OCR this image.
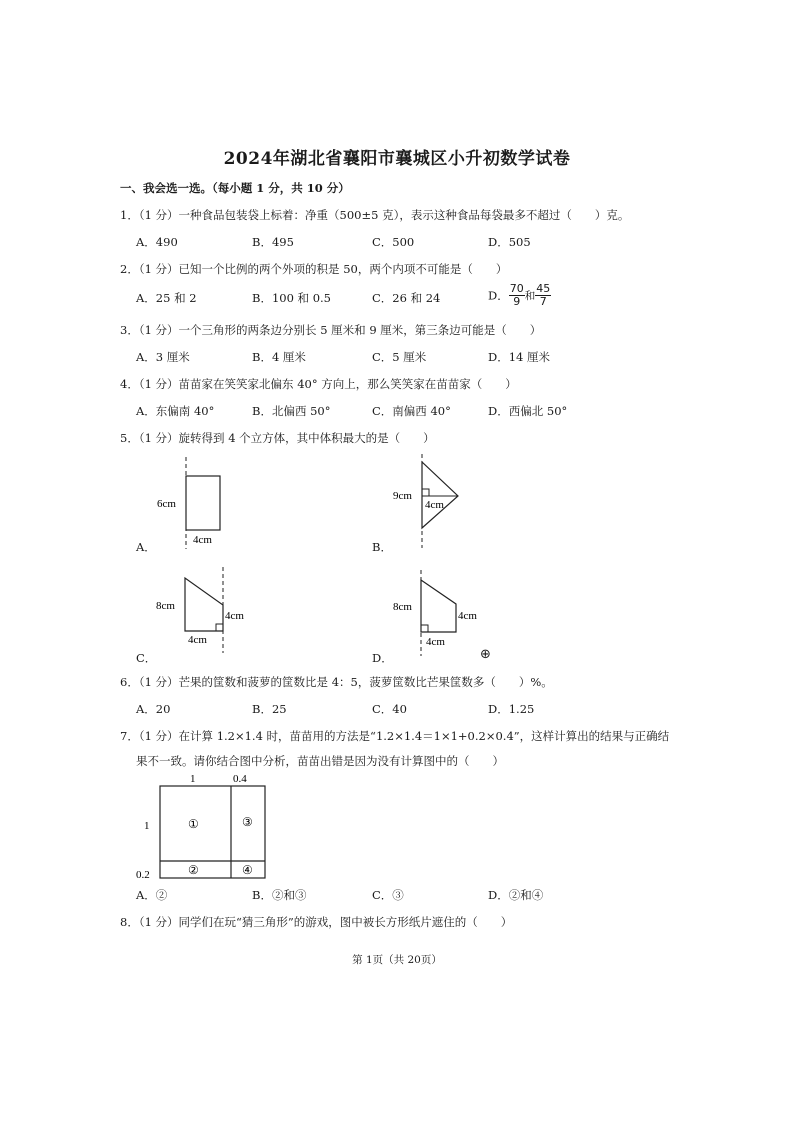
2024年湖北省襄阳市襄城区小升初数学试卷
一、我会选一选。（每小题 1 分，共 10 分）
1．（1 分）一种食品包装袋上标着：净重（500±5 克），表示这种食品每袋最多不超过（　　）克。
A．490	B．495	C．500	D．505
2．（1 分）已知一个比例的两个外项的积是 50，两个内项不可能是（　　）
A．25 和 2	B．100 和 0.5	C．26 和 24	D． $\frac{70}{9}$ 和 $\frac{45}{7}$
3．（1 分）一个三角形的两条边分别长 5 厘米和 9 厘米，第三条边可能是（　　）
A．3 厘米	B．4 厘米	C．5 厘米	D．14 厘米
4．（1 分）苗苗家在笑笑家北偏东 40° 方向上，那么笑笑家在苗苗家（　　）
A．东偏南 40°	B．北偏西 50°	C．南偏西 40°	D．西偏北 50°
5．（1 分）旋转得到 4 个立方体，其中体积最大的是（　　）
6cm
4cm
A．
9cm
4cm
B．
8cm
4cm
4cm
C．
8cm
4cm
4cm
D．	⊕
6．（1 分）芒果的筐数和菠萝的筐数比是 4：5，菠萝筐数比芒果筐数多（　　）%。
A．20	B．25	C．40	D．1.25
7．（1 分）在计算 1.2×1.4 时，苗苗用的方法是“1.2×1.4＝1×1+0.2×0.4”，这样计算出的结果与正确结
果不一致。请你结合图中分析，苗苗出错是因为没有计算图中的（　　）
1	0.4
1
0.2
①
②
③
④
A．②	B．②和③	C．③	D．②和④
8．（1 分）同学们在玩“猜三角形”的游戏，图中被长方形纸片遮住的（　　）
第 1页（共 20页）
